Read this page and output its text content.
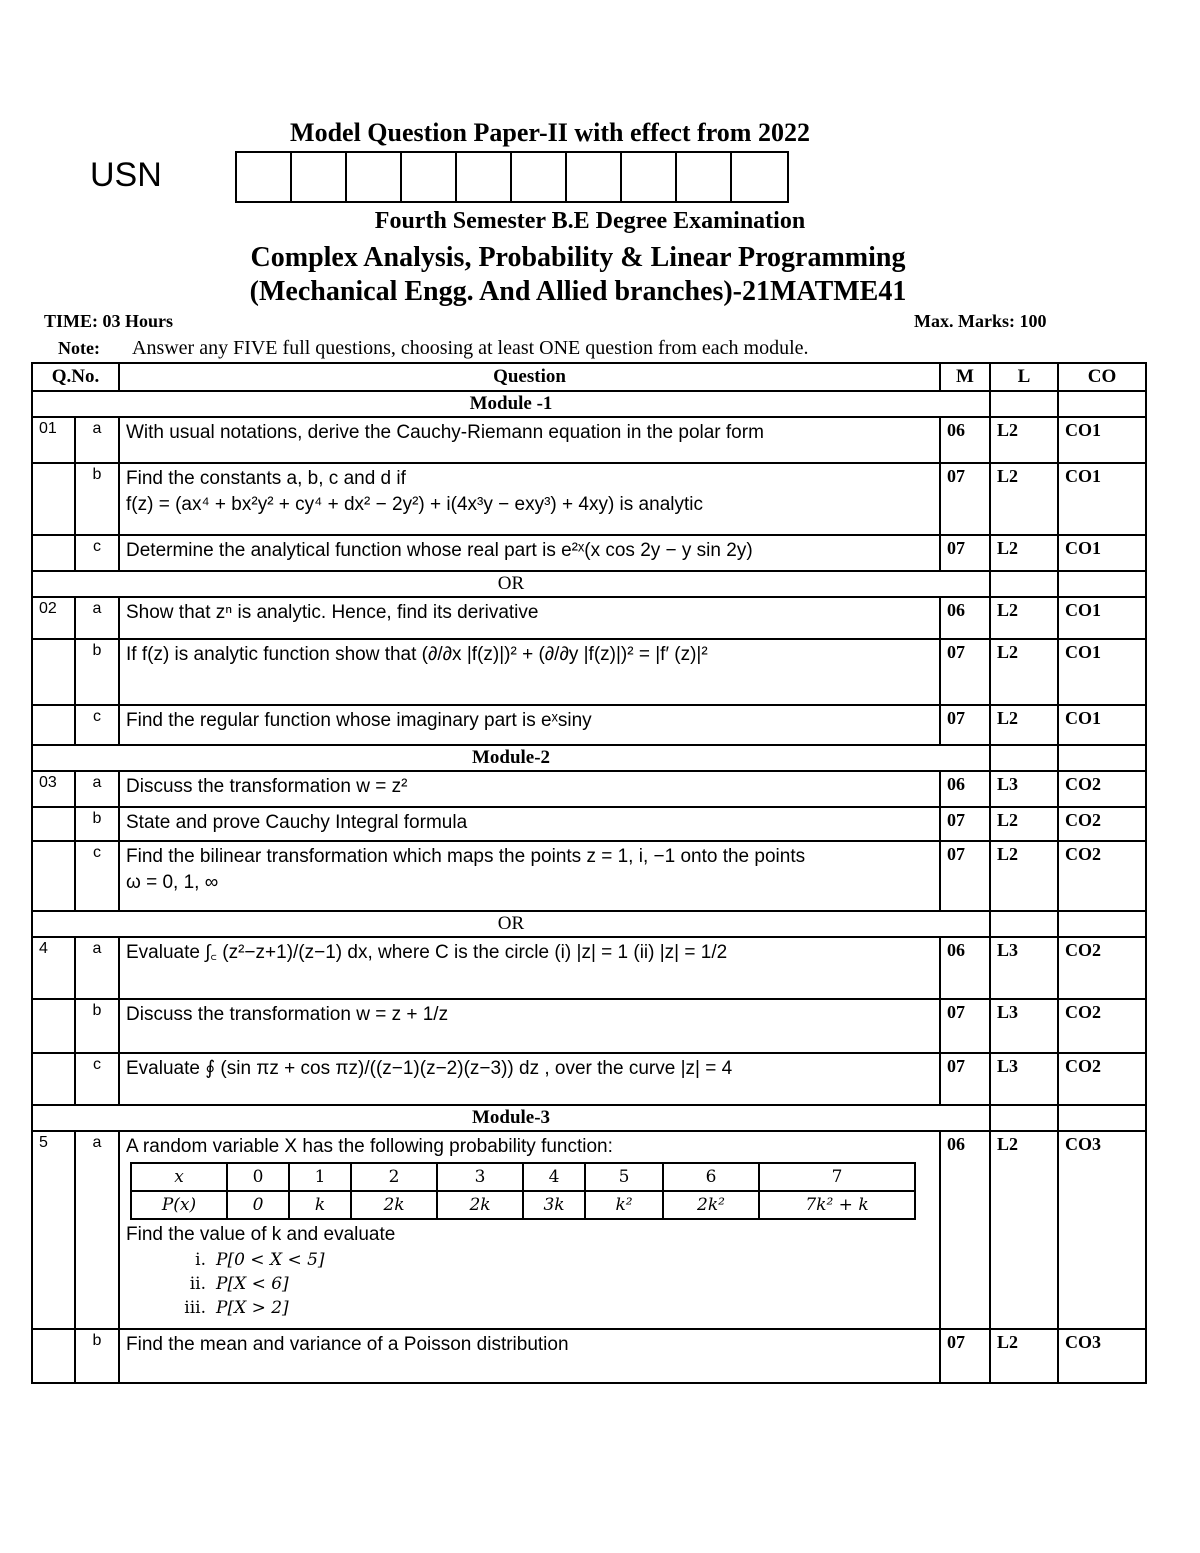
Model Question Paper-II with effect from 2022
USN
Fourth Semester B.E Degree Examination
Complex Analysis, Probability & Linear Programming
(Mechanical Engg. And Allied branches)-21MATME41
TIME: 03 Hours	Max. Marks: 100
Note: Answer any FIVE full questions, choosing at least ONE question from each module.
Q.No.	Question	M	L	CO
Module -1		
01	a	With usual notations, derive the Cauchy-Riemann equation in the polar form	06	L2	CO1
	b	Find the constants a, b, c and d if
f(z) = (ax⁴ + bx²y² + cy⁴ + dx² − 2y²) + i(4x³y − exy³) + 4xy) is analytic
	07	L2	CO1
	c	Determine the analytical function whose real part is e²ˣ(x cos 2y − y sin 2y)	07	L2	CO1
OR		
02	a	Show that zⁿ is analytic. Hence, find its derivative	06	L2	CO1
	b	If f(z) is analytic function show that (∂/∂x |f(z)|)² + (∂/∂y |f(z)|)² = |f′ (z)|²	07	L2	CO1
	c	Find the regular function whose imaginary part is eˣsiny	07	L2	CO1
Module-2		
03	a	Discuss the transformation w = z²	06	L3	CO2
	b	State and prove Cauchy Integral formula	07	L2	CO2
	c	Find the bilinear transformation which maps the points z = 1, i, −1 onto the points
ω = 0, 1, ∞
	07	L2	CO2
OR		
4	a	Evaluate ∫꜀ (z²−z+1)/(z−1) dx, where C is the circle (i) |z| = 1 (ii) |z| = 1/2	06	L3	CO2
	b	Discuss the transformation w = z + 1/z	07	L3	CO2
	c	Evaluate ∮ (sin πz + cos πz)/((z−1)(z−2)(z−3)) dz , over the curve |z| = 4	07	L3	CO2
Module-3		
5	a	A random variable X has the following probability function:
x	0	1	2	3	4	5	6	7
P(x)	0	k	2k	2k	3k	k²	2k²	7k² + k
Find the value of k and evaluate
i. P[0 < X < 5]
ii. P[X < 6]
iii. P[X > 2]
	06	L2	CO3
	b	Find the mean and variance of a Poisson distribution	07	L2	CO3
